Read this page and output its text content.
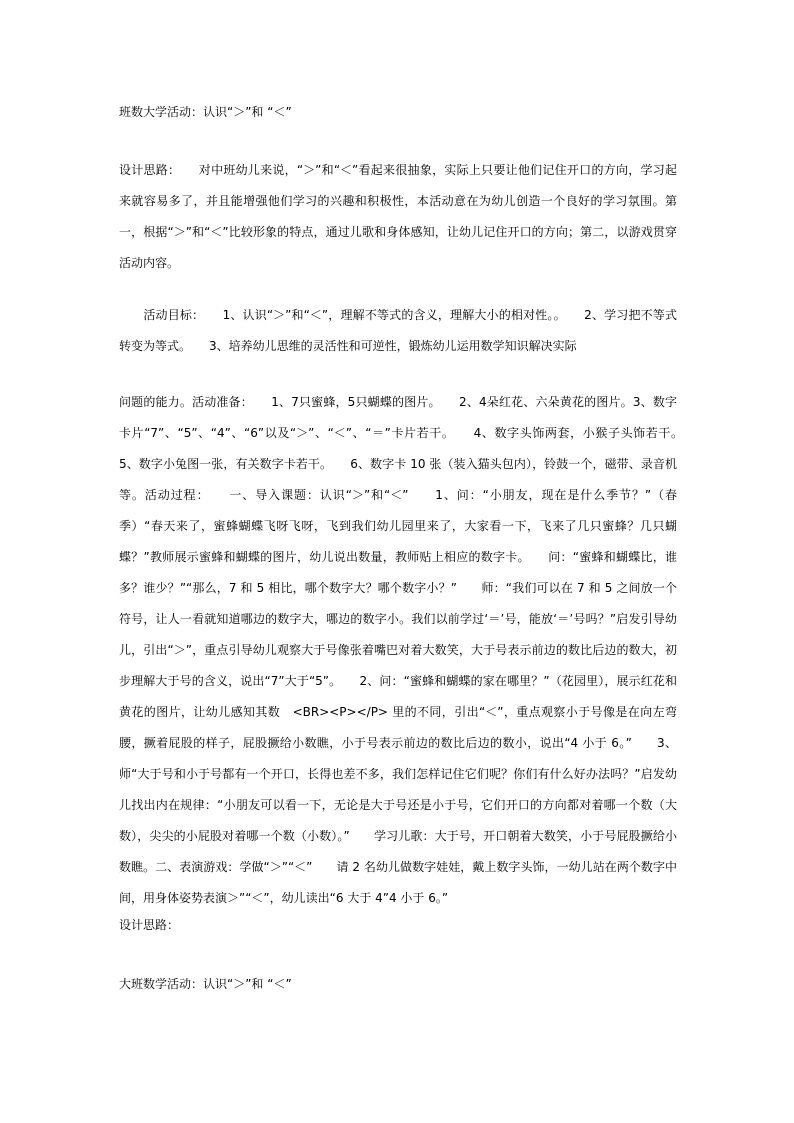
班数大学活动：认识“＞”和 “＜”
设计思路：　　对中班幼儿来说，“＞”和“＜”看起来很抽象，实际上只要让他们记住开口的方向，学习起来就容易多了，并且能增强他们学习的兴趣和积极性，本活动意在为幼儿创造一个良好的学习氛围。第一，根据“＞”和“＜”比较形象的特点，通过儿歌和身体感知，让幼儿记住开口的方向；第二，以游戏贯穿活动内容。
　　活动目标：　　1、认识“＞”和“＜”，理解不等式的含义，理解大小的相对性。。　　2、学习把不等式转变为等式。　　3、培养幼儿思维的灵活性和可逆性，锻炼幼儿运用数学知识解决实际
问题的能力。活动准备：　　1、7只蜜蜂，5只蝴蝶的图片。　　2、4朵红花、六朵黄花的图片。3、数字卡片“7”、“5”、“4”、“6”以及“＞”、“＜”、“＝”卡片若干。　　4、数字头饰两套，小猴子头饰若干。　　5、数字小兔图一张，有关数字卡若干。　　6、数字卡 10 张（装入猫头包内），铃鼓一个，磁带、录音机等。活动过程：　　一、导入课题：认识“＞”和“＜”　　1、问：“小朋友，现在是什么季节？”（春季）“春天来了，蜜蜂蝴蝶飞呀飞呀，飞到我们幼儿园里来了，大家看一下，飞来了几只蜜蜂？几只蝴蝶？”教师展示蜜蜂和蝴蝶的图片，幼儿说出数量，教师贴上相应的数字卡。　　问：“蜜蜂和蝴蝶比，谁多？谁少？”“那么，7 和 5 相比，哪个数字大？哪个数字小？”　　师：“我们可以在 7 和 5 之间放一个符号，让人一看就知道哪边的数字大，哪边的数字小。我们以前学过‘＝’号，能放‘＝’号吗？”启发引导幼儿，引出“＞”，重点引导幼儿观察大于号像张着嘴巴对着大数笑，大于号表示前边的数比后边的数大，初步理解大于号的含义，说出“7”大于“5”。　　2、问：“蜜蜂和蝴蝶的家在哪里？”（花园里），展示红花和黄花的图片，让幼儿感知其数　<BR><P></P> 里的不同，引出“＜”，重点观察小于号像是在向左弯腰，撅着屁股的样子，屁股撅给小数瞧，小于号表示前边的数比后边的数小，说出“4 小于 6。”　　3、师“大于号和小于号都有一个开口，长得也差不多，我们怎样记住它们呢？你们有什么好办法吗？”启发幼儿找出内在规律：“小朋友可以看一下，无论是大于号还是小于号，它们开口的方向都对着哪一个数（大数），尖尖的小屁股对着哪一个数（小数）。”　　学习儿歌：大于号，开口朝着大数笑，小于号屁股撅给小数瞧。二、表演游戏：学做“＞”“＜”　　请 2 名幼儿做数字娃娃，戴上数字头饰，一幼儿站在两个数字中间，用身体姿势表演＞”“＜”，幼儿读出“6 大于 4”4 小于 6。”
设计思路：
大班数学活动：认识“＞”和 “＜”
